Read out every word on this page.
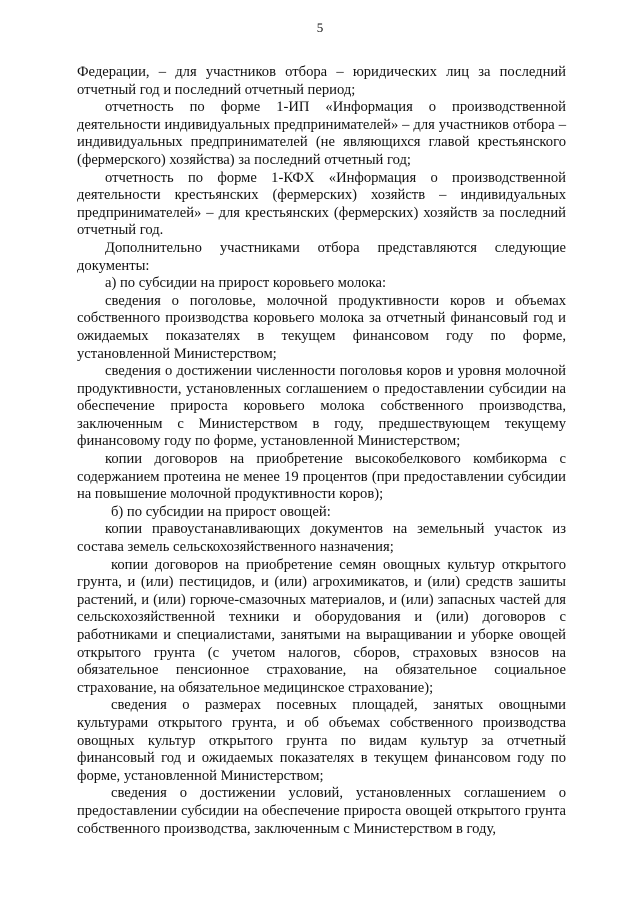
5

Федерации, – для участников отбора – юридических лиц за последний отчетный год и последний отчетный период;

отчетность по форме 1-ИП «Информация о производственной деятельности индивидуальных предпринимателей» – для участников отбора – индивидуальных предпринимателей (не являющихся главой крестьянского (фермерского) хозяйства) за последний отчетный год;

отчетность по форме 1-КФХ «Информация о производственной деятельности крестьянских (фермерских) хозяйств – индивидуальных предпринимателей» – для крестьянских (фермерских) хозяйств за последний отчетный год.

Дополнительно участниками отбора представляются следующие документы:

а) по субсидии на прирост коровьего молока:

сведения о поголовье, молочной продуктивности коров и объемах собственного производства коровьего молока за отчетный финансовый год и ожидаемых показателях в текущем финансовом году по форме, установленной Министерством;

сведения о достижении численности поголовья коров и уровня молочной продуктивности, установленных соглашением о предоставлении субсидии на обеспечение прироста коровьего молока собственного производства, заключенным с Министерством в году, предшествующем текущему финансовому году по форме, установленной Министерством;

копии договоров на приобретение высокобелкового комбикорма с содержанием протеина не менее 19 процентов (при предоставлении субсидии на повышение молочной продуктивности коров);

б) по субсидии на прирост овощей:

копии правоустанавливающих документов на земельный участок из состава земель сельскохозяйственного назначения;

копии договоров на приобретение семян овощных культур открытого грунта, и (или) пестицидов, и (или) агрохимикатов, и (или) средств зашиты растений, и (или) горюче-смазочных материалов, и (или) запасных частей для сельскохозяйственной техники и оборудования и (или) договоров с работниками и специалистами, занятыми на выращивании и уборке овощей открытого грунта (с учетом налогов, сборов, страховых взносов на обязательное пенсионное страхование, на обязательное социальное страхование, на обязательное медицинское страхование);

сведения о размерах посевных площадей, занятых овощными культурами открытого грунта, и об объемах собственного производства овощных культур открытого грунта по видам культур за отчетный финансовый год и ожидаемых показателях в текущем финансовом году по форме, установленной Министерством;

сведения о достижении условий, установленных соглашением о предоставлении субсидии на обеспечение прироста овощей открытого грунта собственного производства, заключенным с Министерством в году,
